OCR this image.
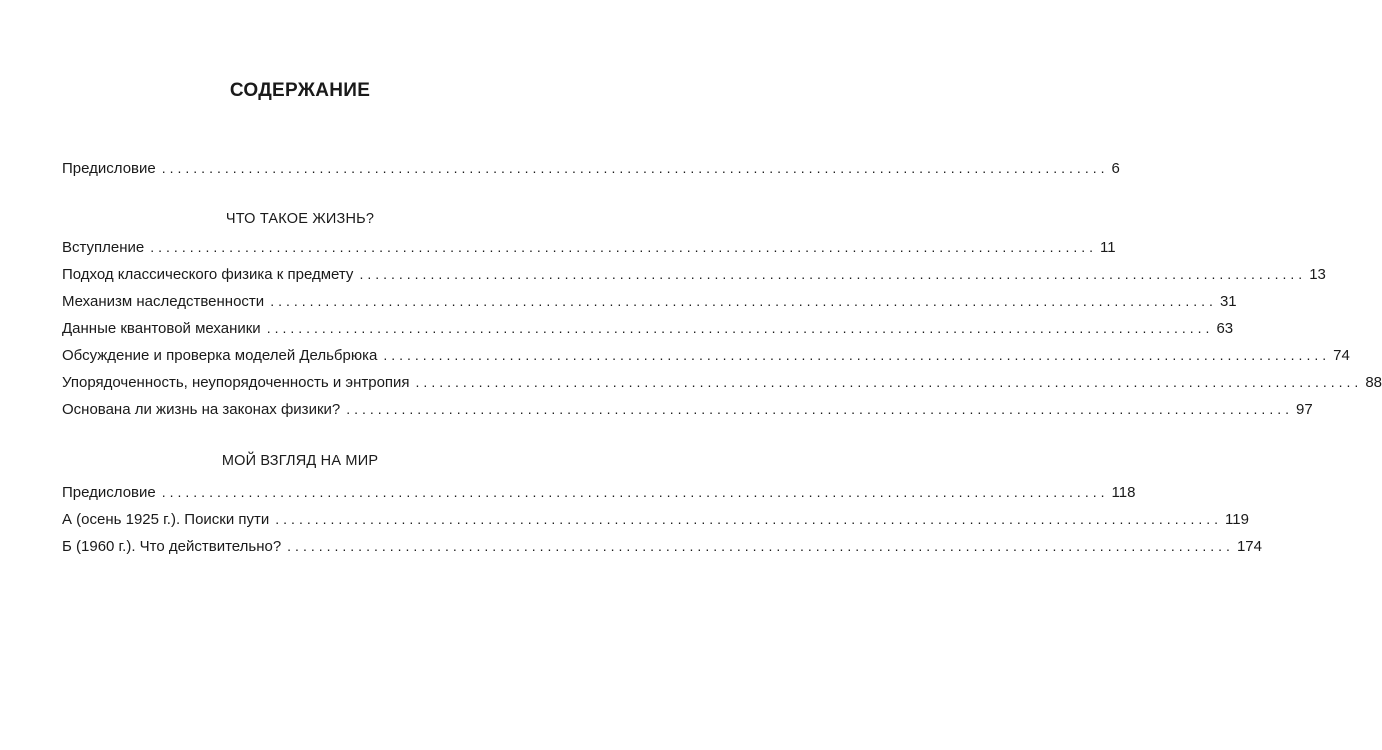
СОДЕРЖАНИЕ
Предисловие ........................................................................................................................ 6
ЧТО ТАКОЕ ЖИЗНЬ?
Вступление ........................................................................................................................ 11
Подход классического физика к предмету ........................................................................................................................ 13
Механизм наследственности ........................................................................................................................ 31
Данные квантовой механики ........................................................................................................................ 63
Обсуждение и проверка моделей Дельбрюка ........................................................................................................................ 74
Упорядоченность, неупорядоченность и энтропия ........................................................................................................................ 88
Основана ли жизнь на законах физики? ........................................................................................................................ 97
МОЙ ВЗГЛЯД НА МИР
Предисловие ........................................................................................................................ 118
А (осень 1925 г.). Поиски пути ........................................................................................................................ 119
Б (1960 г.). Что действительно? ........................................................................................................................ 174
